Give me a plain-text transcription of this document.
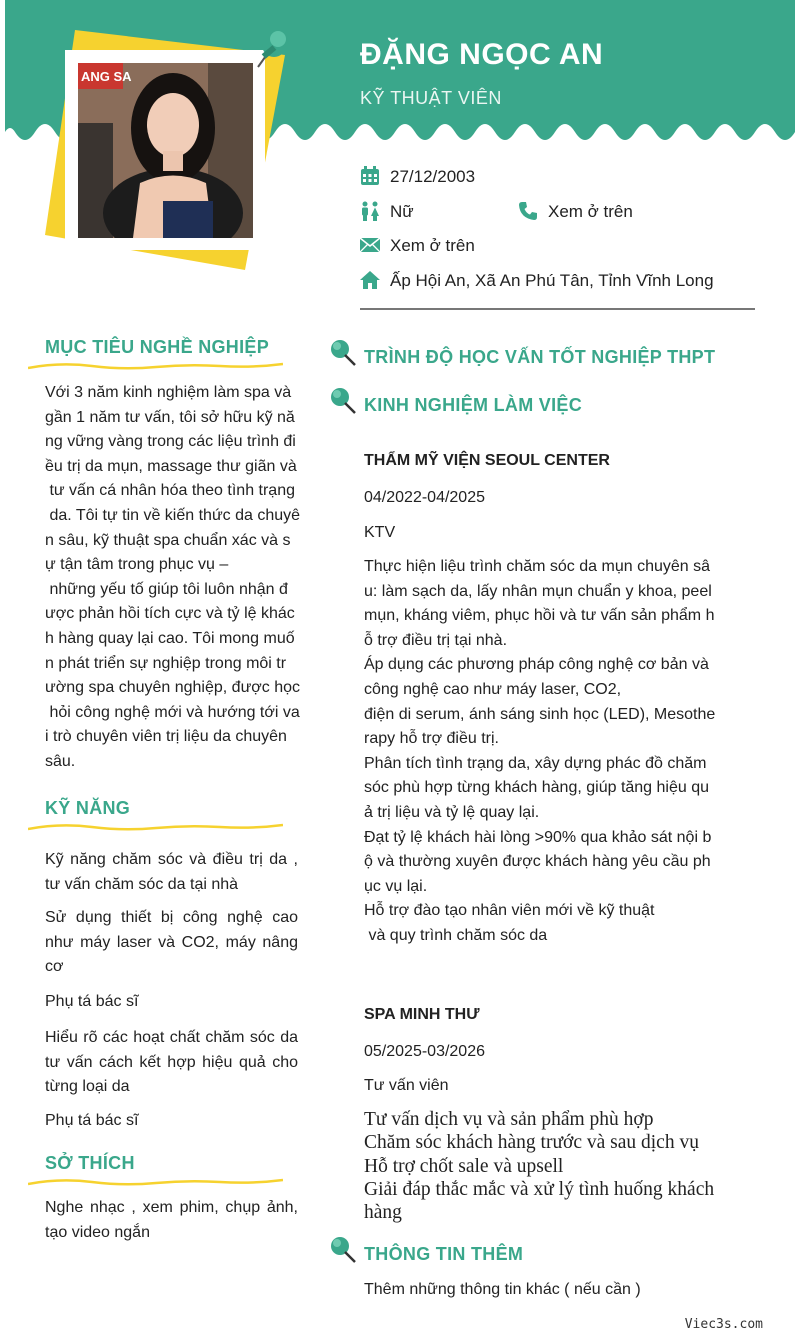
ĐẶNG NGỌC AN
KỸ THUẬT VIÊN
ANG SA
27/12/2003
Nữ	Xem ở trên
Xem ở trên
Ấp Hội An, Xã An Phú Tân, Tỉnh Vĩnh Long
MỤC TIÊU NGHỀ NGHIỆP

Với 3 năm kinh nghiệm làm spa và

gần 1 năm tư vấn, tôi sở hữu kỹ nă

ng vững vàng trong các liệu trình đi

ều trị da mụn, massage thư giãn và

tư vấn cá nhân hóa theo tình trạng

da. Tôi tự tin về kiến thức da chuyê

n sâu, kỹ thuật spa chuẩn xác và s

ự tận tâm trong phục vụ –

những yếu tố giúp tôi luôn nhận đ

ược phản hồi tích cực và tỷ lệ khác

h hàng quay lại cao. Tôi mong muố

n phát triển sự nghiệp trong môi tr

ường spa chuyên nghiệp, được học

hỏi công nghệ mới và hướng tới va

i trò chuyên viên trị liệu da chuyên

sâu.

KỸ NĂNG
Kỹ năng chăm sóc và điều trị da , tư vấn chăm sóc da tại nhà
Sử dụng thiết bị công nghệ cao như máy laser và CO2, máy nâng cơ
Phụ tá bác sĩ
Hiểu rõ các hoạt chất chăm sóc da tư vấn cách kết hợp hiệu quả cho từng loại da
Phụ tá bác sĩ
SỞ THÍCH
Nghe nhạc , xem phim, chụp ảnh, tạo video ngắn
TRÌNH ĐỘ HỌC VẤN TỐT NGHIỆP THPT
KINH NGHIỆM LÀM VIỆC
THẨM MỸ VIỆN SEOUL CENTER
04/2022-04/2025
KTV
Thực hiện liệu trình chăm sóc da mụn chuyên sâ
u: làm sạch da, lấy nhân mụn chuẩn y khoa, peel
mụn, kháng viêm, phục hồi và tư vấn sản phẩm h
ỗ trợ điều trị tại nhà.
Áp dụng các phương pháp công nghệ cơ bản và
công nghệ cao như máy laser, CO2,
điện di serum, ánh sáng sinh học (LED), Mesothe
rapy hỗ trợ điều trị.
Phân tích tình trạng da, xây dựng phác đồ chăm
sóc phù hợp từng khách hàng, giúp tăng hiệu qu
ả trị liệu và tỷ lệ quay lại.
Đạt tỷ lệ khách hài lòng >90% qua khảo sát nội b
ộ và thường xuyên được khách hàng yêu cầu ph
ục vụ lại.
Hỗ trợ đào tạo nhân viên mới về kỹ thuật
và quy trình chăm sóc da
SPA MINH THƯ
05/2025-03/2026
Tư vấn viên
Tư vấn dịch vụ và sản phẩm phù hợp
Chăm sóc khách hàng trước và sau dịch vụ
Hỗ trợ chốt sale và upsell
Giải đáp thắc mắc và xử lý tình huống khách
hàng
THÔNG TIN THÊM
Thêm những thông tin khác ( nếu cần )
Viec3s.com
